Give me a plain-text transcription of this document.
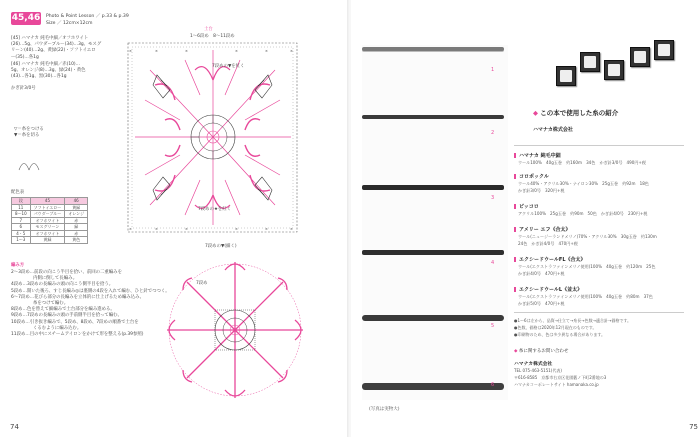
45,46 Photo & Point Lesson ／ p.33 & p.39
Size ／ 12cm×12cm
[45] ハマナカ 純毛中細／オフホワイト
(26)…5g、パウダーブルー(34)…3g、モスグ
リーン(40)…2g、黄緑(22)・ソフトイエロ
ー(35)…各1g
[46] ハマナカ 純毛中細／赤(10)…
5g、オレンジ(8)…3g、緑(24)・黄色
(43)…各1g、黒(30)…各1g
かぎ針3/0号
▽＝糸をつける
▼＝糸を切る
配色表
段	45	46
11	ソフトイエロー	黄緑
8〜10	パウダーブルー	オレンジ
7	オフホワイト	赤
6	モスグリーン	緑
4・5	オフホワイト	赤
1〜3	黄緑	黄色
編み方
2〜3段め…前段の向こう半目を拾い、前回の二重編みを
　　　　　内側に倒して長編み。
4段め…3段めの長編みの頭の向こう側半目を拾う。
5段め…開いた後ろ、すじ長編み◎は裏側の4段を入れて編む、ひと針でつつく。
6〜7段め…花びら部分の長編みを立体的に仕上げるため編み込み、
　　　　　糸をつけて編む。
8段め…色を替えて細編みで土台部分を編み進める。
9段め…7段めの長編みの頭の手前側半目を拾って編む。
10段め…引き抜き編みで、5段め、8段め、7段めの順番で土台を
　　　　　くるむように編み込む。
11段め…目の中にスチームアイロンをかけて形を整える(p.39参照)
土台
1〜6段め　8〜11段め
×	×	×	×	×	×
×	×	×	×	×	×
7段めの▼を紅く
7段めの★を紅く
7段めの▼(細く)
7段め
74
1
2
3
4
5
6
(写真は実物大)
◆ この本で使用した糸の紹介
ハマナカ株式会社
ハマナカ 純毛中細
ウール100%　40g玉巻　約160m　34色　かぎ針3/0号　490円+税
コロポックル
ウール40%・アクリル30%・ナイロン30%　25g玉巻　約92m　18色
かぎ針3/0号　320円+税
ピッコロ
アクリル100%　25g玉巻　約90m　50色　かぎ針4/0号　230円+税
アメリー エフ《合太》
ウール(ニュージーランドメリノ)70%・アクリル30%　30g玉巻　約130m
24色　かぎ針4/0号　470円+税
エクシードウールFL《合太》
ウール(エクストラファインメリノ使用)100%　40g玉巻　約120m　25色
かぎ針4/0号　470円+税
エクシードウールL《並太》
ウール(エクストラファインメリノ使用)100%　40g玉巻　約80m　37色
かぎ針5/0号　470円+税
●1〜6は左から、品質→仕立て→糸長→色数→適合針→価格です。
●色数、価格は2020年12月現在のものです。
●印刷物のため、色は多少異なる場合があります。
◆ 糸に関するお問い合わせ
ハマナカ株式会社
TEL 075-463-5151(代表)
〒616-8585　京都市右京区花園藪ノ下町2番地の3
ハマナカコーポレートサイト hamanaka.co.jp
75
